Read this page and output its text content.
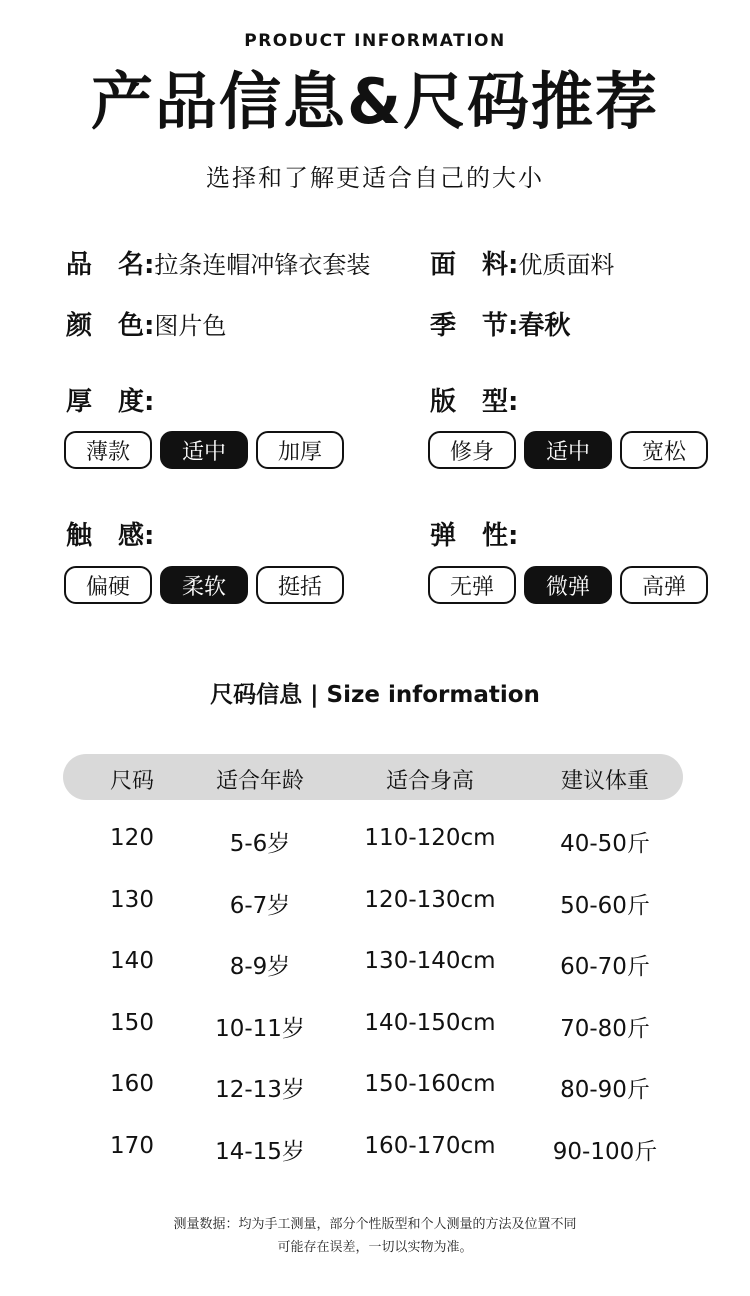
PRODUCT INFORMATION
产品信息&尺码推荐
选择和了解更适合自己的大小
品　名:拉条连帽冲锋衣套装 面　料:优质面料
颜　色:图片色	季　节:春秋
厚　度:
薄款	适中	加厚
版　型:
修身	适中	宽松
触　感:
偏硬	柔软	挺括
弹　性:
无弹	微弹	高弹
尺码信息 | Size information
尺码	适合年龄	适合身高	建议体重
120	5-6岁	110-120cm	40-50斤
130	6-7岁	120-130cm	50-60斤
140	8-9岁	130-140cm	60-70斤
150	10-11岁	140-150cm	70-80斤
160	12-13岁	150-160cm	80-90斤
170	14-15岁	160-170cm	90-100斤
测量数据：均为手工测量，部分个性版型和个人测量的方法及位置不同
可能存在误差，一切以实物为准。
